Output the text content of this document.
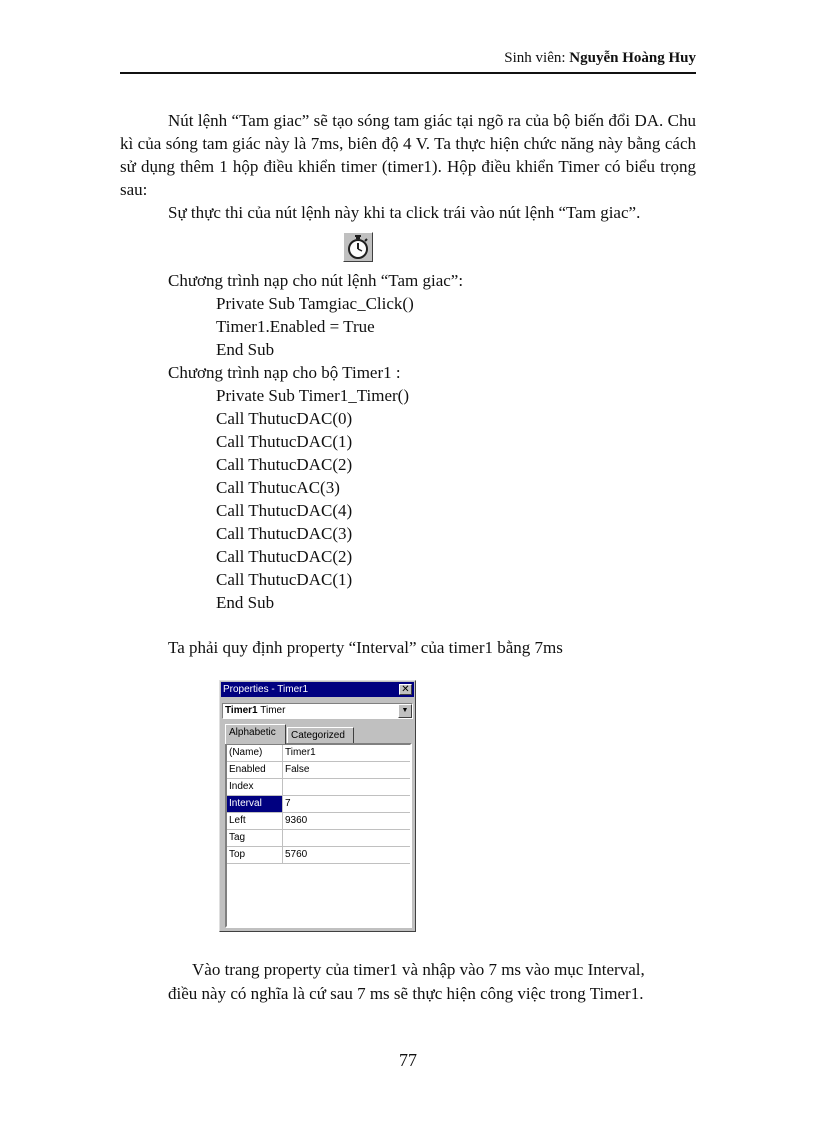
Sinh viên: Nguyễn Hoàng Huy
Nút lệnh “Tam giac” sẽ tạo sóng tam giác tại ngõ ra của bộ biến đổi DA. Chu kì của sóng tam giác này là 7ms, biên độ 4 V. Ta thực hiện chức năng này bằng cách sử dụng thêm 1 hộp điều khiển timer (timer1). Hộp điều khiển Timer có biểu trọng sau:
Sự thực thi của nút lệnh này khi ta click trái vào nút lệnh “Tam giac”.
Chương trình nạp cho nút lệnh “Tam giac”:
Private Sub Tamgiac_Click()
Timer1.Enabled = True
End Sub
Chương trình nạp cho bộ Timer1 :
Private Sub Timer1_Timer()
Call ThutucDAC(0)
Call ThutucDAC(1)
Call ThutucDAC(2)
Call ThutucAC(3)
Call ThutucDAC(4)
Call ThutucDAC(3)
Call ThutucDAC(2)
Call ThutucDAC(1)
End Sub
Ta phải quy định property “Interval” của timer1 bằng 7ms
Properties - Timer1	✕
Timer1 Timer	▼
Alphabetic	Categorized
(Name)	Timer1
Enabled	False
Index	
Interval	7
Left	9360
Tag	
Top	5760
Vào trang property của timer1 và nhập vào 7 ms vào mục Interval,
điều này có nghĩa là cứ sau 7 ms sẽ thực hiện công việc trong Timer1.
77
